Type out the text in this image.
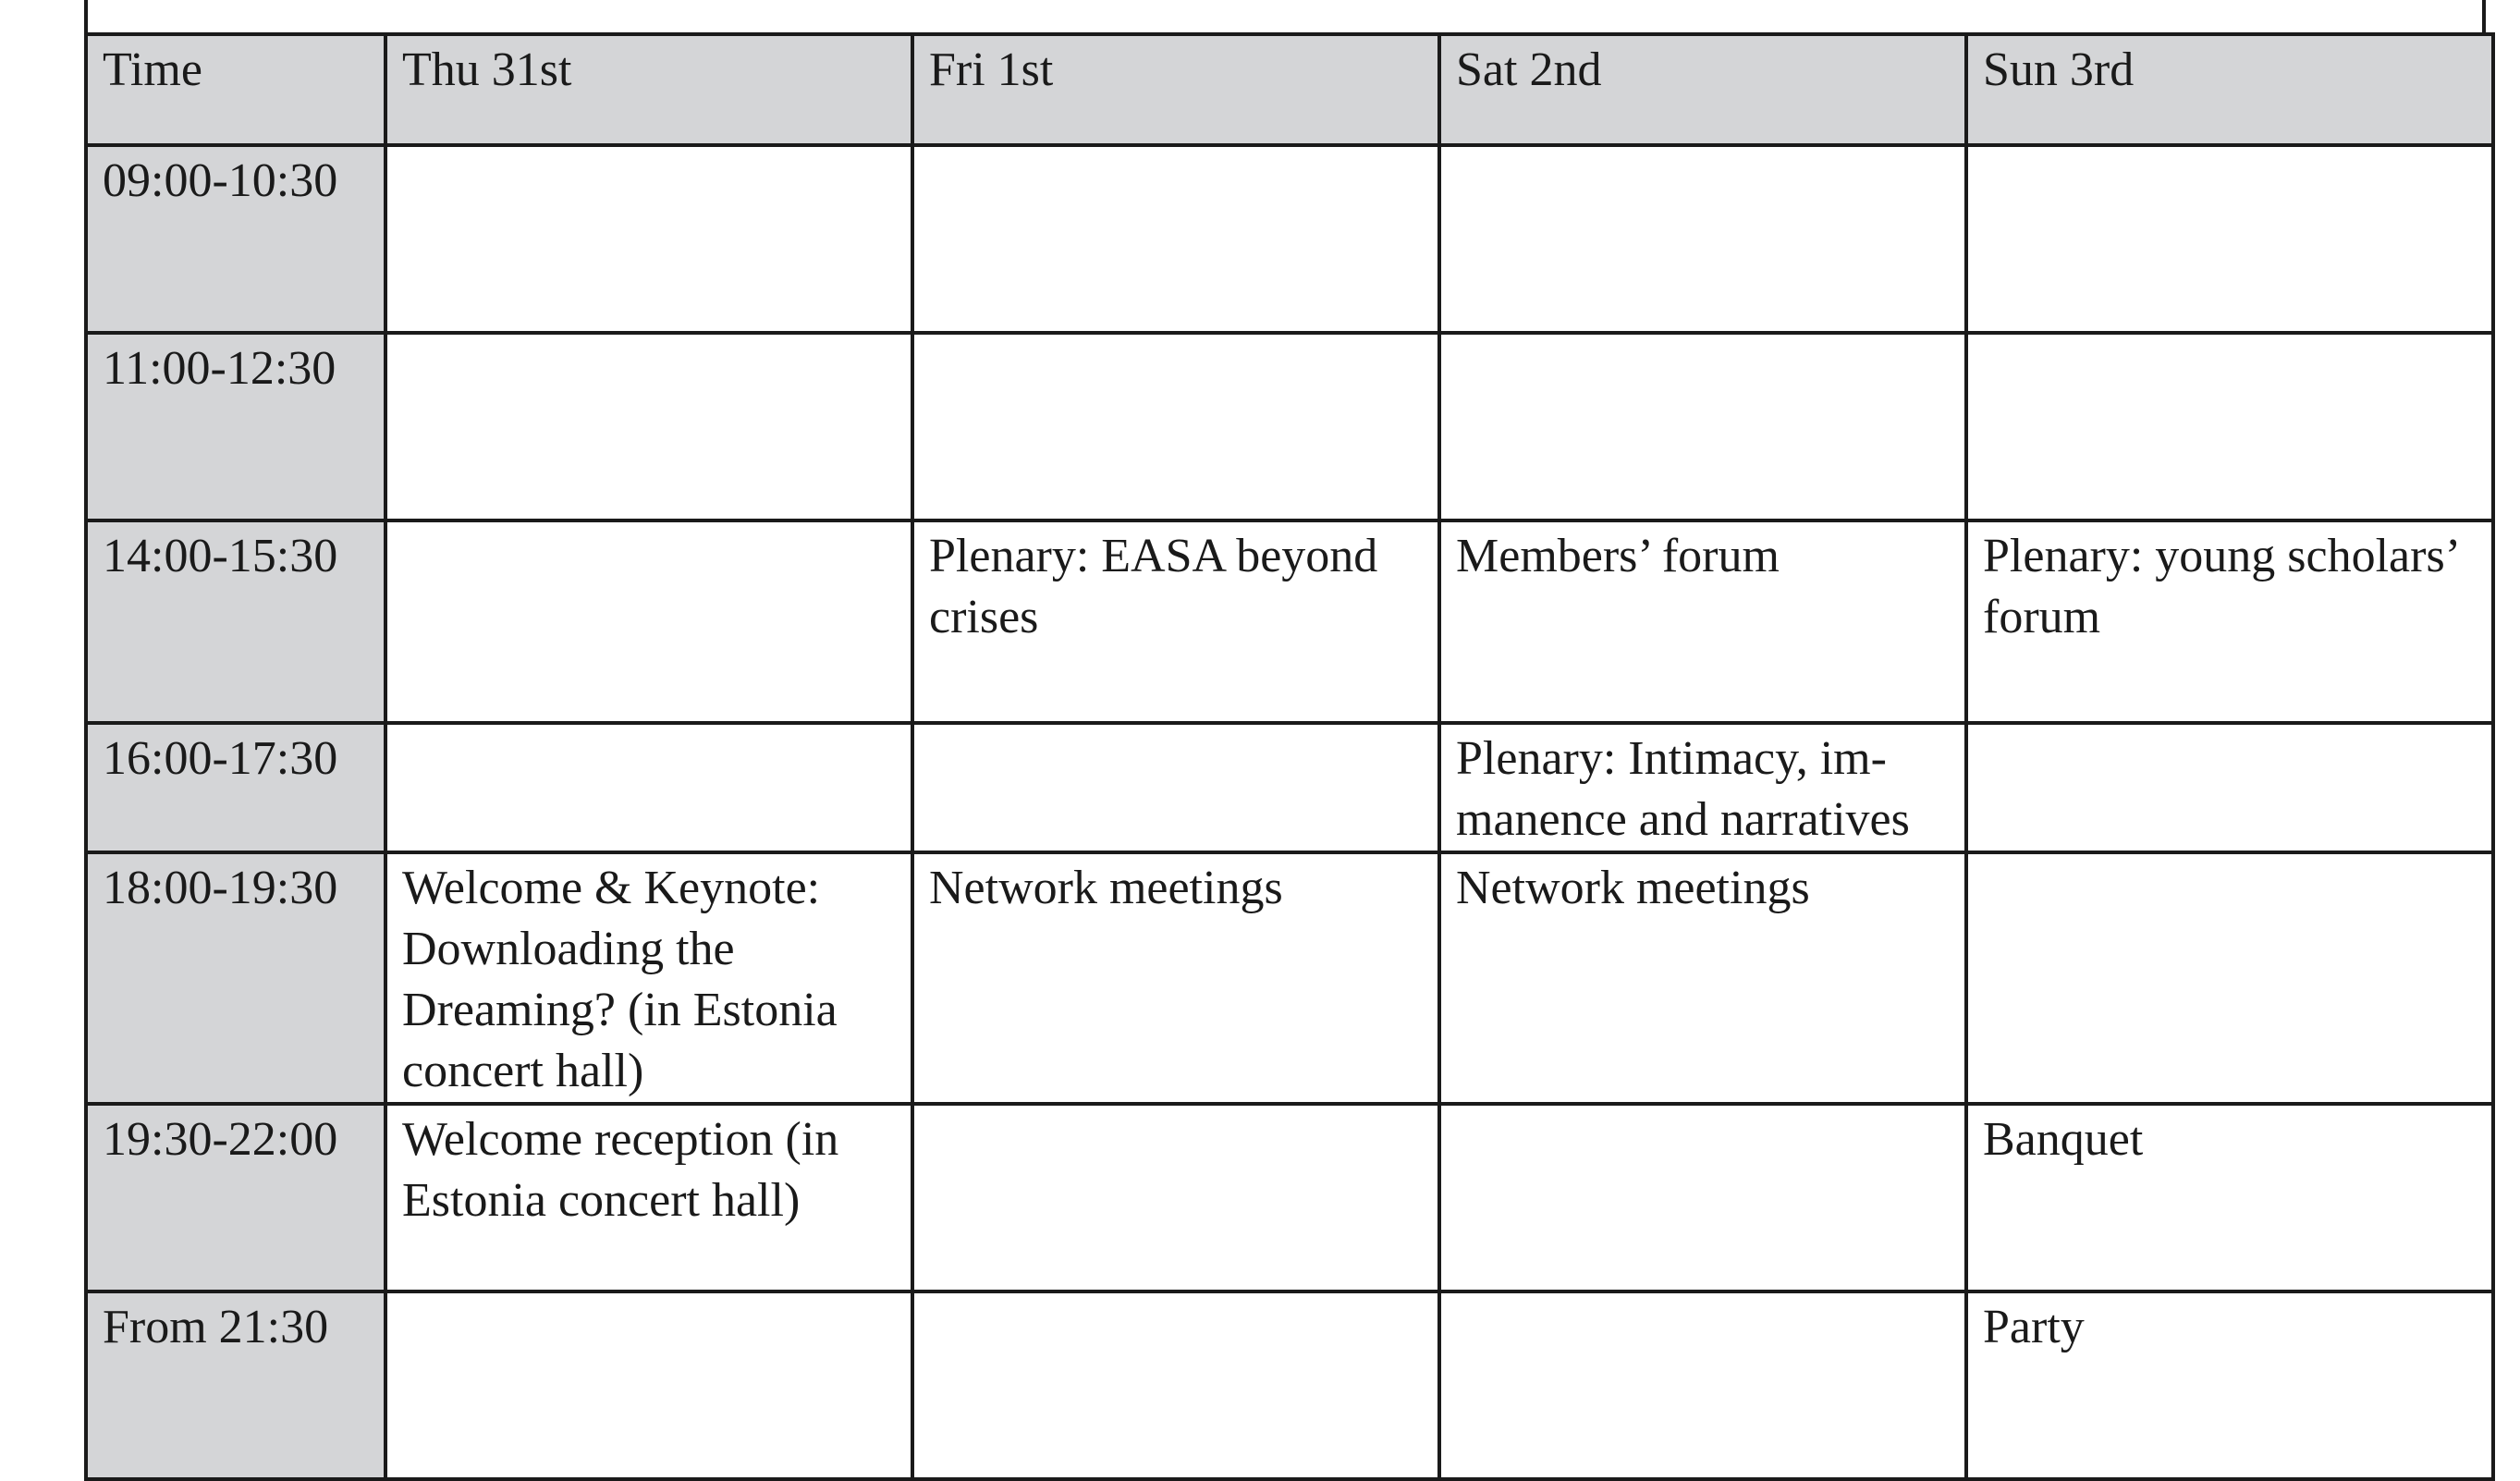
Time	Thu 31st	Fri 1st	Sat 2nd	Sun 3rd
09:00-10:30				
11:00-12:30				
14:00-15:30		Plenary: EASA beyond crises	Members’ forum	Plenary: young scholars’ forum
16:00-17:30			Plenary: Intimacy, im-manence and narratives	
18:00-19:30	Welcome & Keynote: Downloading the Dreaming? (in Estonia concert hall)	Network meetings	Network meetings	
19:30-22:00	Welcome reception (in Estonia concert hall)			Banquet
From 21:30				Party
